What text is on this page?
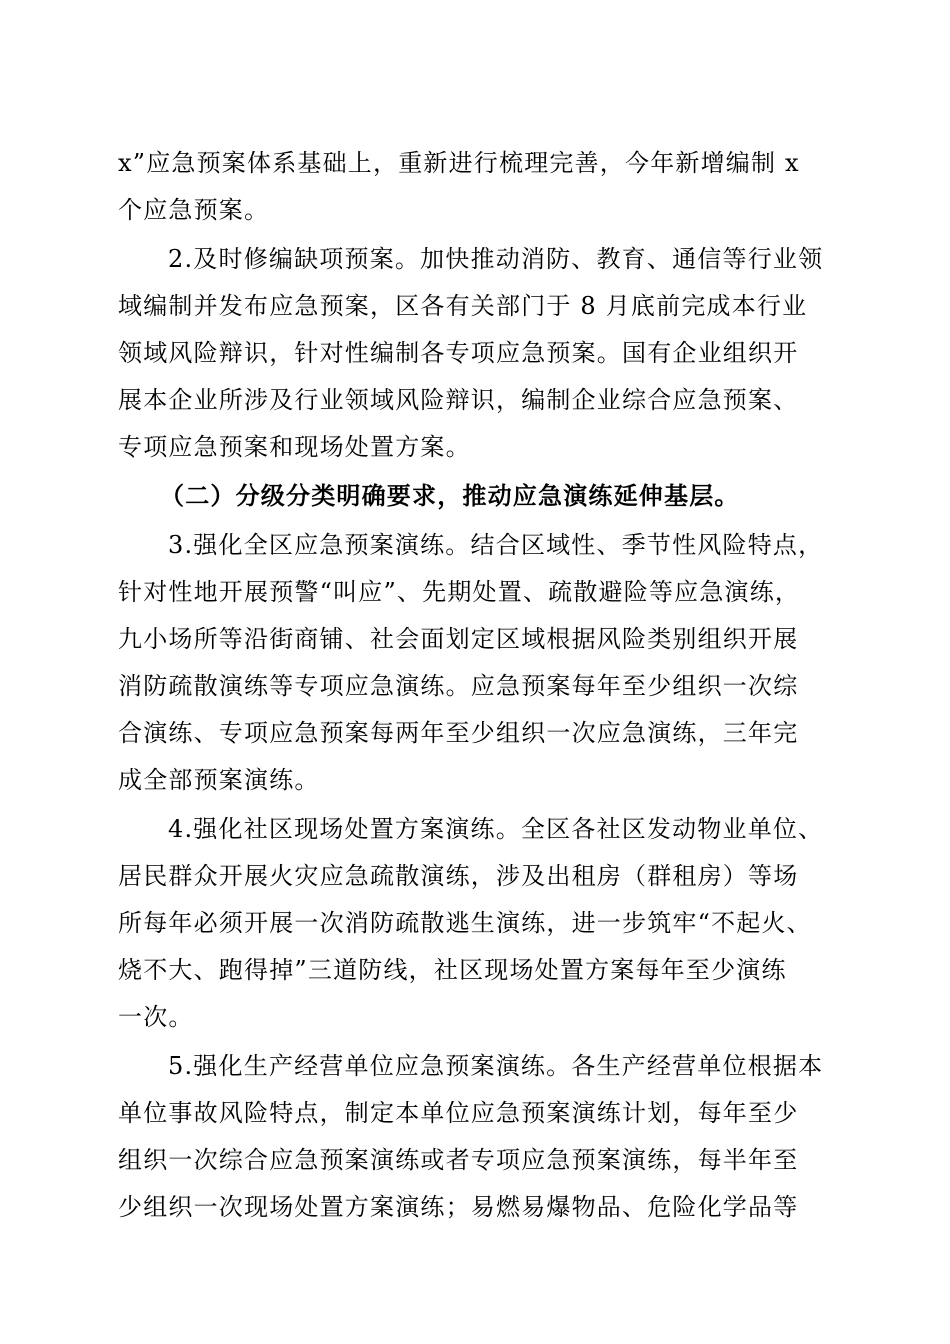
x”应急预案体系基础上，重新进行梳理完善，今年新增编制 x
个应急预案。
2.及时修编缺项预案。加快推动消防、教育、通信等行业领
域编制并发布应急预案，区各有关部门于 8 月底前完成本行业
领域风险辩识，针对性编制各专项应急预案。国有企业组织开
展本企业所涉及行业领域风险辩识，编制企业综合应急预案、
专项应急预案和现场处置方案。
（二）分级分类明确要求，推动应急演练延伸基层。
3.强化全区应急预案演练。结合区域性、季节性风险特点，
针对性地开展预警“叫应”、先期处置、疏散避险等应急演练，
九小场所等沿街商铺、社会面划定区域根据风险类别组织开展
消防疏散演练等专项应急演练。应急预案每年至少组织一次综
合演练、专项应急预案每两年至少组织一次应急演练，三年完
成全部预案演练。
4.强化社区现场处置方案演练。全区各社区发动物业单位、
居民群众开展火灾应急疏散演练，涉及出租房（群租房）等场
所每年必须开展一次消防疏散逃生演练，进一步筑牢“不起火、
烧不大、跑得掉”三道防线，社区现场处置方案每年至少演练
一次。
5.强化生产经营单位应急预案演练。各生产经营单位根据本
单位事故风险特点，制定本单位应急预案演练计划，每年至少
组织一次综合应急预案演练或者专项应急预案演练，每半年至
少组织一次现场处置方案演练；易燃易爆物品、危险化学品等
